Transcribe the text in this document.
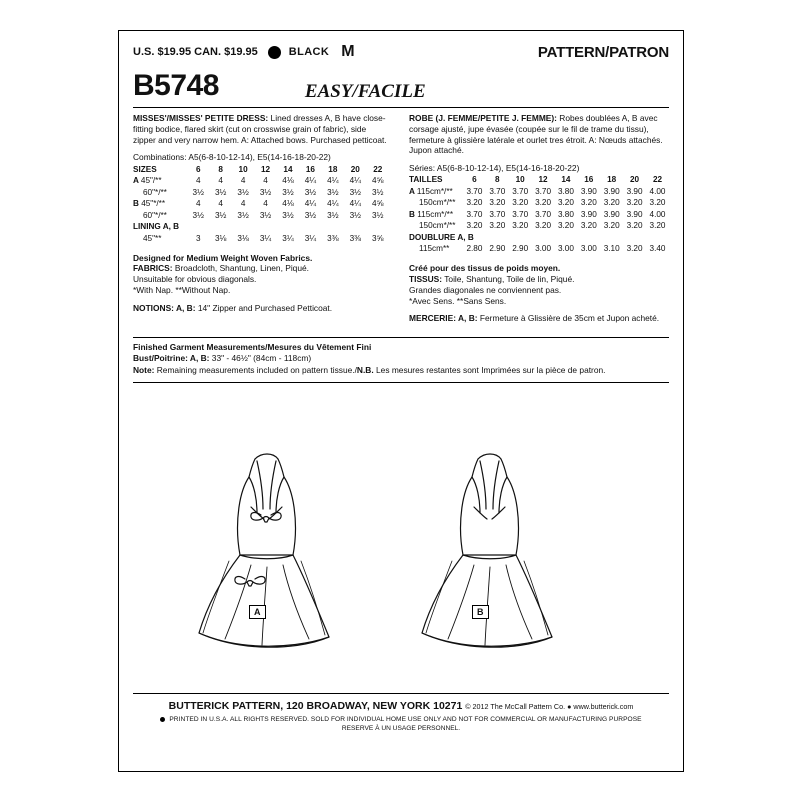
U.S. $19.95 CAN. $19.95	BLACK M	PATTERN/PATRON
B5748	EASY/FACILE
MISSES'/MISSES' PETITE DRESS: Lined dresses A, B have close-fitting bodice, flared skirt (cut on crosswise grain of fabric), side zipper and very narrow hem. A: Attached bows. Purchased petticoat.
Combinations: A5(6-8-10-12-14), E5(14-16-18-20-22)
SIZES	6	8	10	12	14	16	18	20	22
A 45"/**	4	4	4	4	4⅛	4¼	4¼	4¼	4⅝
60"*/**	3½	3½	3½	3½	3½	3½	3½	3½	3½
B 45"*/**	4	4	4	4	4⅛	4¼	4¼	4¼	4⅝
60"*/**	3½	3½	3½	3½	3½	3½	3½	3½	3½
LINING A, B									
45"**	3	3⅛	3⅛	3¼	3¼	3¼	3⅜	3⅜	3⅝
Designed for Medium Weight Woven Fabrics.
FABRICS: Broadcloth, Shantung, Linen, Piqué.
Unsuitable for obvious diagonals.
*With Nap. **Without Nap.
NOTIONS: A, B: 14" Zipper and Purchased Petticoat.
ROBE (J. FEMME/PETITE J. FEMME): Robes doublées A, B avec corsage ajusté, jupe évasée (coupée sur le fil de trame du tissu), fermeture à glissière latérale et ourlet tres étroit. A: Nœuds attachés. Jupon attaché.
Séries: A5(6-8-10-12-14), E5(14-16-18-20-22)
TAILLES	6	8	10	12	14	16	18	20	22
A 115cm*/**	3.70	3.70	3.70	3.70	3.80	3.90	3.90	3.90	4.00
150cm*/**	3.20	3.20	3.20	3.20	3.20	3.20	3.20	3.20	3.20
B 115cm*/**	3.70	3.70	3.70	3.70	3.80	3.90	3.90	3.90	4.00
150cm*/**	3.20	3.20	3.20	3.20	3.20	3.20	3.20	3.20	3.20
DOUBLURE A, B									
115cm**	2.80	2.90	2.90	3.00	3.00	3.00	3.10	3.20	3.40
Créé pour des tissus de poids moyen.
TISSUS: Toile, Shantung, Toile de lin, Piqué.
Grandes diagonales ne conviennent pas.
*Avec Sens. **Sans Sens.
MERCERIE: A, B: Fermeture à Glissière de 35cm et Jupon acheté.
Finished Garment Measurements/Mesures du Vêtement Fini
Bust/Poitrine: A, B: 33" - 46½" (84cm - 118cm)
Note: Remaining measurements included on pattern tissue./N.B. Les mesures restantes sont Imprimées sur la pièce de patron.
A	B
BUTTERICK PATTERN, 120 BROADWAY, NEW YORK 10271 © 2012 The McCall Pattern Co. ● www.butterick.com
PRINTED IN U.S.A. ALL RIGHTS RESERVED. SOLD FOR INDIVIDUAL HOME USE ONLY AND NOT FOR COMMERCIAL OR MANUFACTURING PURPOSE
RESERVE À UN USAGE PERSONNEL.
